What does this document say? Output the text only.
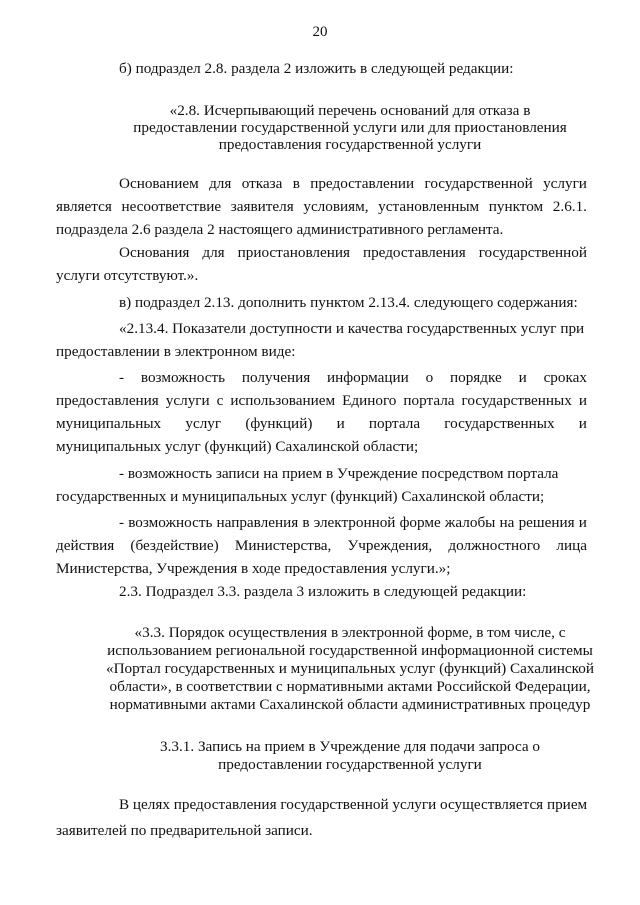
20
б) подраздел 2.8. раздела 2 изложить в следующей редакции:
«2.8. Исчерпывающий перечень оснований для отказа в
предоставлении государственной услуги или для приостановления
предоставления государственной услуги
Основанием для отказа в предоставлении государственной услуги
является несоответствие заявителя условиям, установленным пунктом 2.6.1.
подраздела 2.6 раздела 2 настоящего административного регламента.
Основания для приостановления предоставления государственной
услуги отсутствуют.».
в) подраздел 2.13. дополнить пунктом 2.13.4. следующего содержания:
«2.13.4. Показатели доступности и качества государственных услуг при
предоставлении в электронном виде:
- возможность получения информации о порядке и сроках
предоставления услуги с использованием Единого портала государственных и
муниципальных услуг (функций) и портала государственных и
муниципальных услуг (функций) Сахалинской области;
- возможность записи на прием в Учреждение посредством портала
государственных и муниципальных услуг (функций) Сахалинской области;
- возможность направления в электронной форме жалобы на решения и
действия (бездействие) Министерства, Учреждения, должностного лица
Министерства, Учреждения в ходе предоставления услуги.»;
2.3. Подраздел 3.3. раздела 3 изложить в следующей редакции:
«3.3. Порядок осуществления в электронной форме, в том числе, с
использованием региональной государственной информационной системы
«Портал государственных и муниципальных услуг (функций) Сахалинской
области», в соответствии с нормативными актами Российской Федерации,
нормативными актами Сахалинской области административных процедур
3.3.1. Запись на прием в Учреждение для подачи запроса о
предоставлении государственной услуги
В целях предоставления государственной услуги осуществляется прием
заявителей по предварительной записи.
